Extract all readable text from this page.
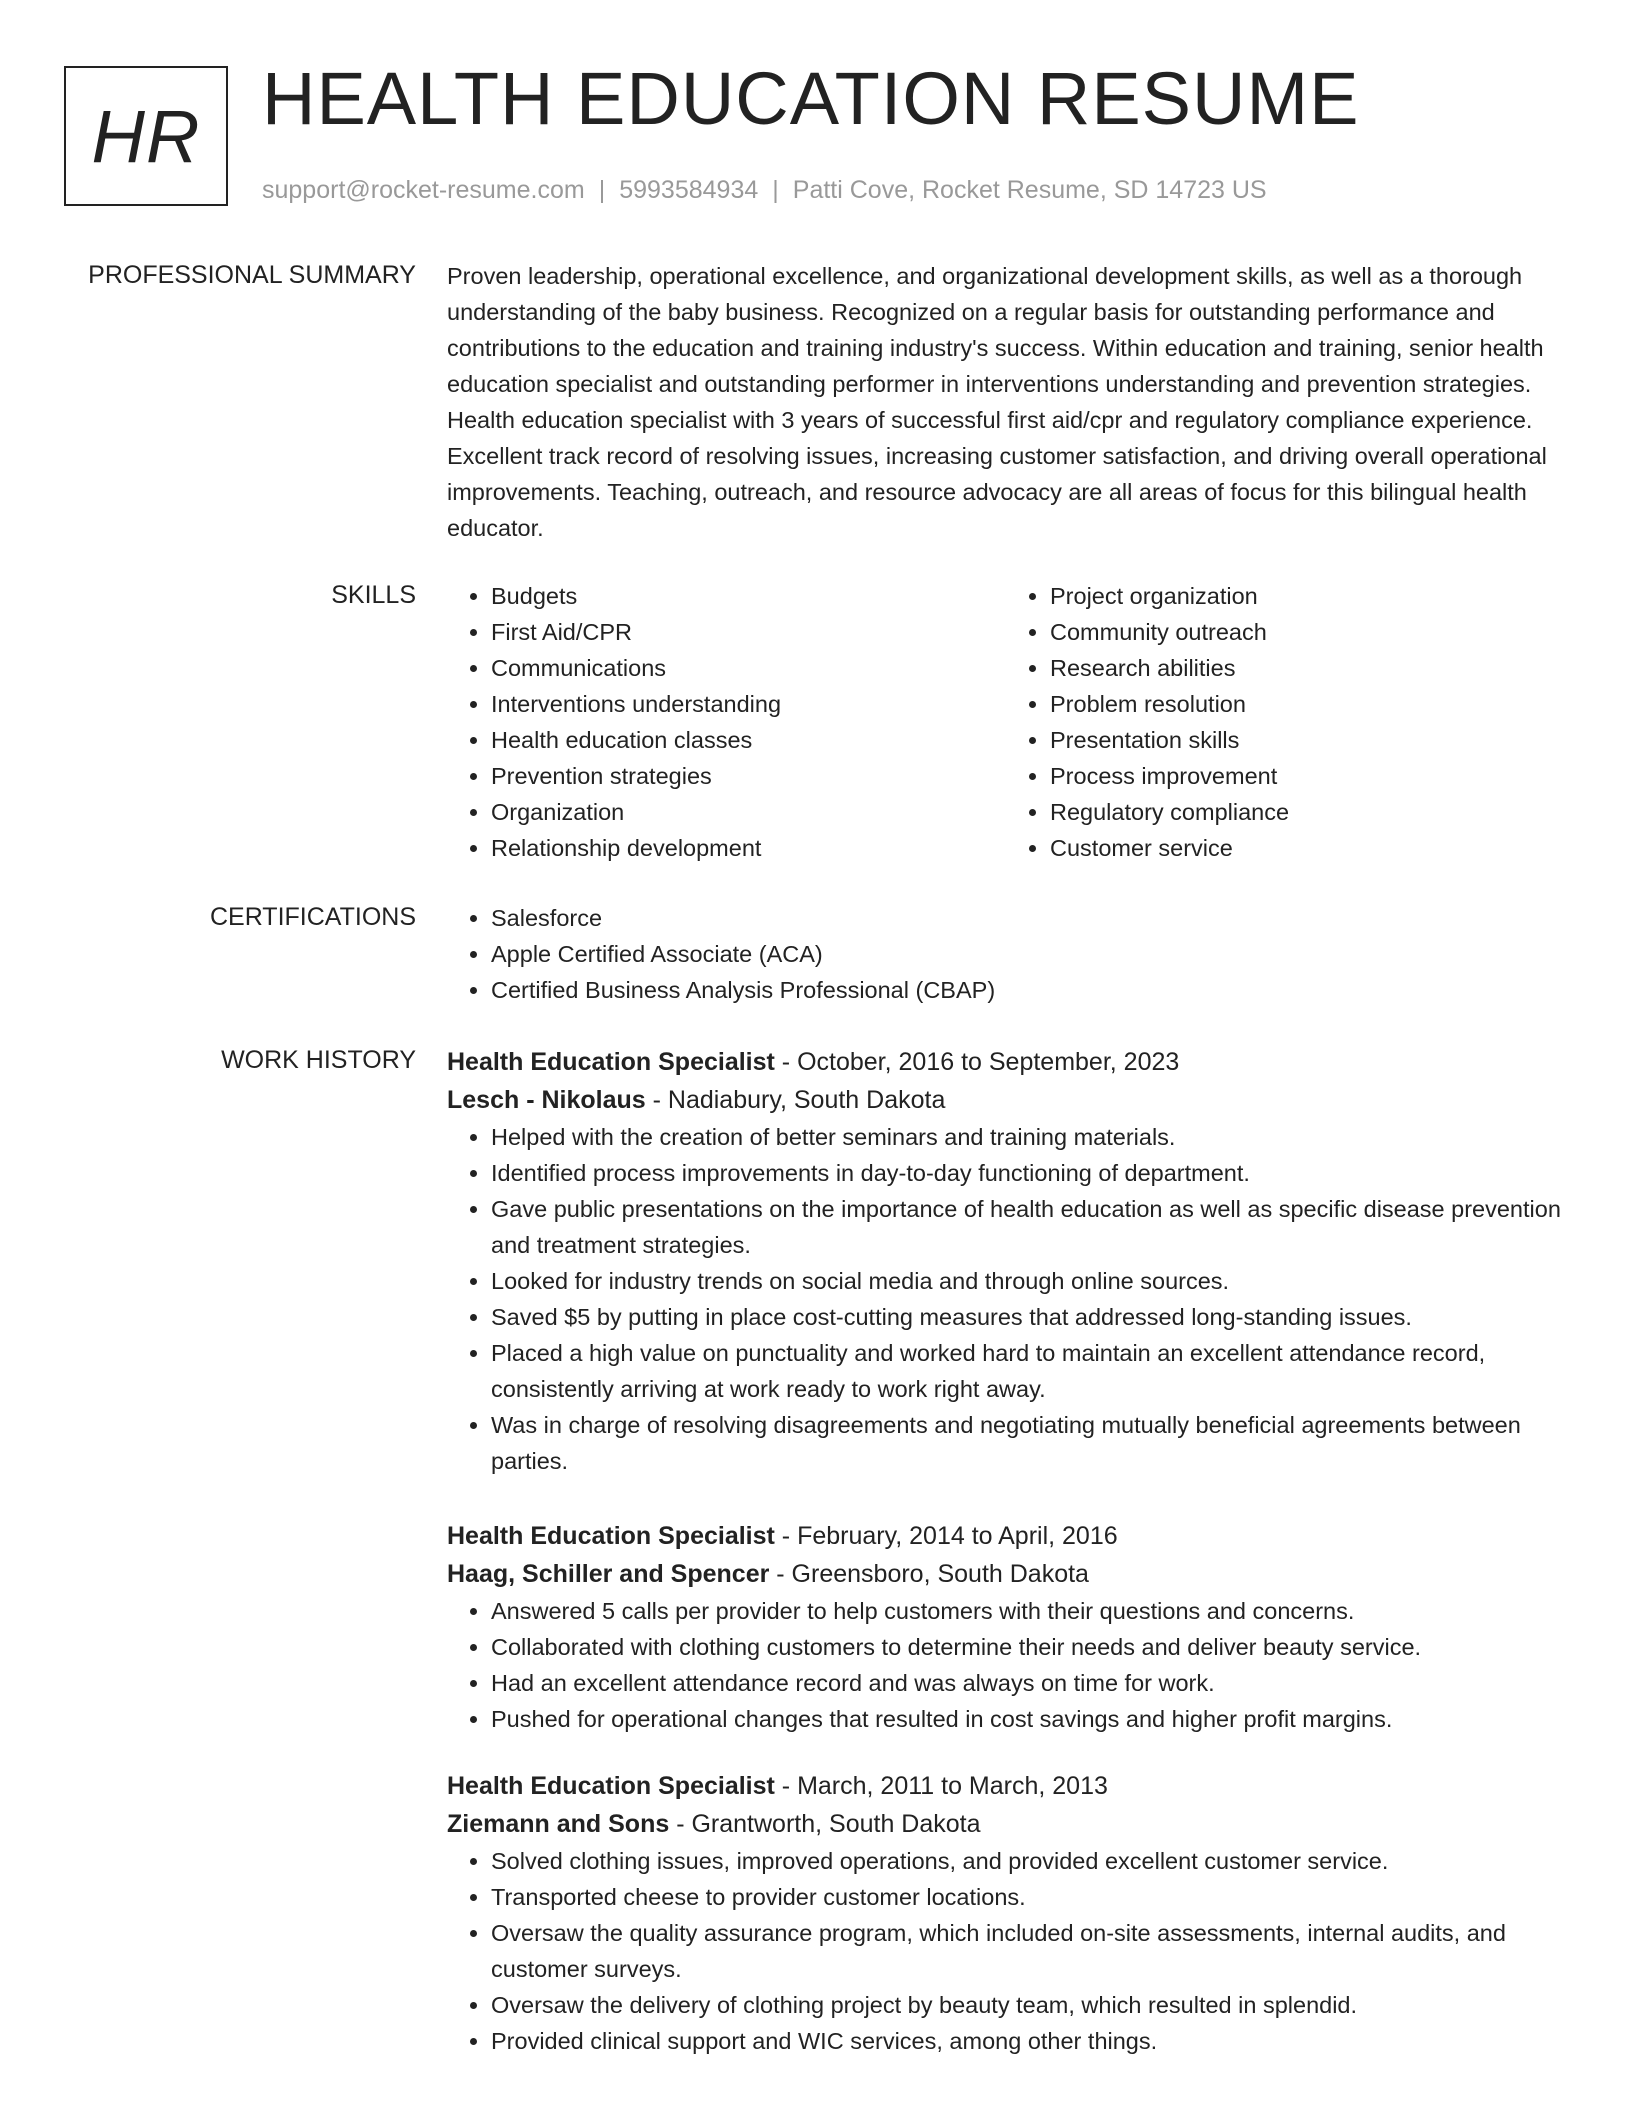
HR HEALTH EDUCATION RESUME
support@rocket-resume.com | 5993584934 | Patti Cove, Rocket Resume, SD 14723 US
PROFESSIONAL SUMMARY Proven leadership, operational excellence, and organizational development skills, as well as a thorough understanding of the baby business. Recognized on a regular basis for outstanding performance and contributions to the education and training industry's success. Within education and training, senior health education specialist and outstanding performer in interventions understanding and prevention strategies. Health education specialist with 3 years of successful first aid/cpr and regulatory compliance experience. Excellent track record of resolving issues, increasing customer satisfaction, and driving overall operational improvements. Teaching, outreach, and resource advocacy are all areas of focus for this bilingual health educator.

SKILLS	• Budgets
• First Aid/CPR
• Communications
• Interventions understanding
• Health education classes
• Prevention strategies
• Organization
• Relationship development
• Project organization
• Community outreach
• Research abilities
• Problem resolution
• Presentation skills
• Process improvement
• Regulatory compliance
• Customer service
CERTIFICATIONS	• Salesforce
• Apple Certified Associate (ACA)
• Certified Business Analysis Professional (CBAP)
WORK HISTORY Health Education Specialist - October, 2016 to September, 2023
Lesch - Nikolaus - Nadiabury, South Dakota
• Helped with the creation of better seminars and training materials.
• Identified process improvements in day-to-day functioning of department.
• Gave public presentations on the importance of health education as well as specific disease prevention and treatment strategies.
• Looked for industry trends on social media and through online sources.
• Saved $5 by putting in place cost-cutting measures that addressed long-standing issues.
• Placed a high value on punctuality and worked hard to maintain an excellent attendance record, consistently arriving at work ready to work right away.
• Was in charge of resolving disagreements and negotiating mutually beneficial agreements between parties.
Health Education Specialist - February, 2014 to April, 2016
Haag, Schiller and Spencer - Greensboro, South Dakota
• Answered 5 calls per provider to help customers with their questions and concerns.
• Collaborated with clothing customers to determine their needs and deliver beauty service.
• Had an excellent attendance record and was always on time for work.
• Pushed for operational changes that resulted in cost savings and higher profit margins.
Health Education Specialist - March, 2011 to March, 2013
Ziemann and Sons - Grantworth, South Dakota
• Solved clothing issues, improved operations, and provided excellent customer service.
• Transported cheese to provider customer locations.
• Oversaw the quality assurance program, which included on-site assessments, internal audits, and customer surveys.
• Oversaw the delivery of clothing project by beauty team, which resulted in splendid.
• Provided clinical support and WIC services, among other things.
